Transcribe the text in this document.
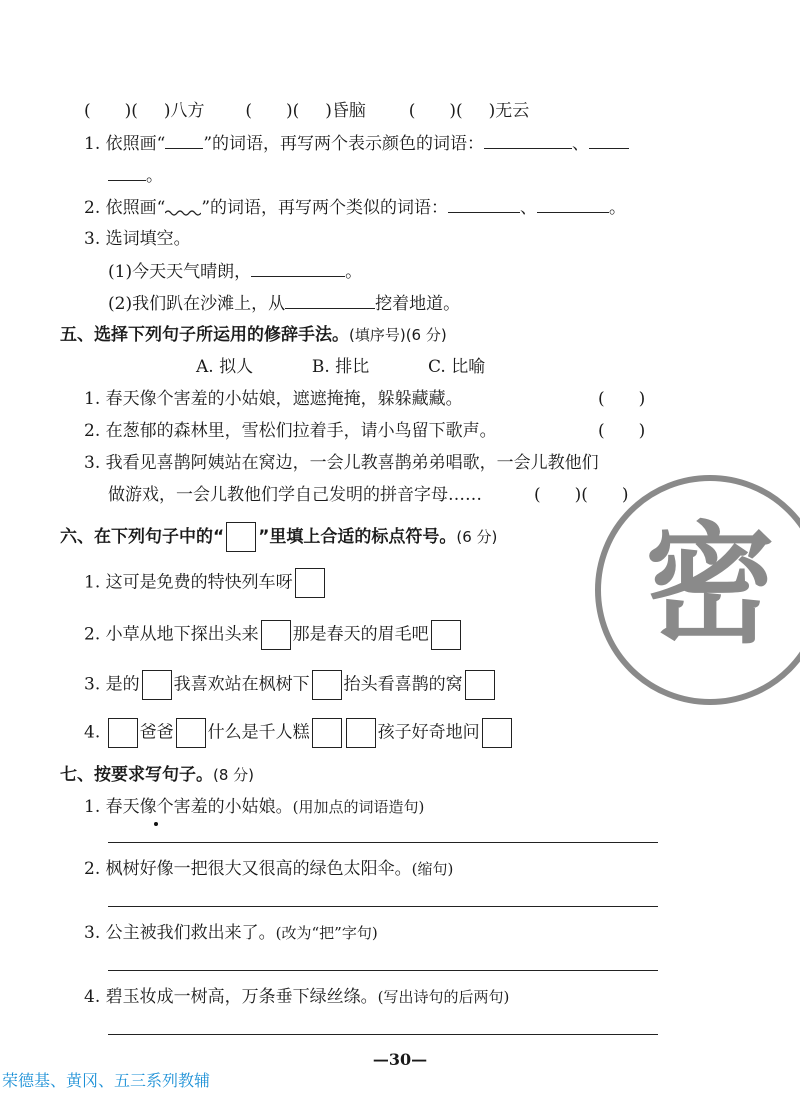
( )( )八方 ( )( )昏脑	( )( )无云
1. 依照画“ ”的词语，再写两个表示颜色的词语：	、
。
2. 依照画“ ”的词语，再写两个类似的词语：	、	。
3. 选词填空。
(1)今天天气晴朗，	。
(2)我们趴在沙滩上，从	挖着地道。
五、选择下列句子所运用的修辞手法。(填序号)(6 分)
A. 拟人	B. 排比	C. 比喻
1. 春天像个害羞的小姑娘，遮遮掩掩，躲躲藏藏。	(　　)
2. 在葱郁的森林里，雪松们拉着手，请小鸟留下歌声。	(　　)
3. 我看见喜鹊阿姨站在窝边，一会儿教喜鹊弟弟唱歌，一会儿教他们
做游戏，一会儿教他们学自己发明的拼音字母……	(　　)(　　)
六、在下列句子中的“ ”里填上合适的标点符号。(6 分)
1. 这可是免费的特快列车呀
2. 小草从地下探出头来 那是春天的眉毛吧
3. 是的 我喜欢站在枫树下 抬头看喜鹊的窝
4. 爸爸 什么是千人糕	孩子好奇地问
七、按要求写句子。(8 分)
1. 春天像个害羞的小姑娘。(用加点的词语造句)
2. 枫树好像一把很大又很高的绿色太阳伞。(缩句)
3. 公主被我们救出来了。(改为“把”字句)
4. 碧玉妆成一树高，万条垂下绿丝绦。(写出诗句的后两句)
密
—30—
荣德基、黄冈、五三系列教辅
